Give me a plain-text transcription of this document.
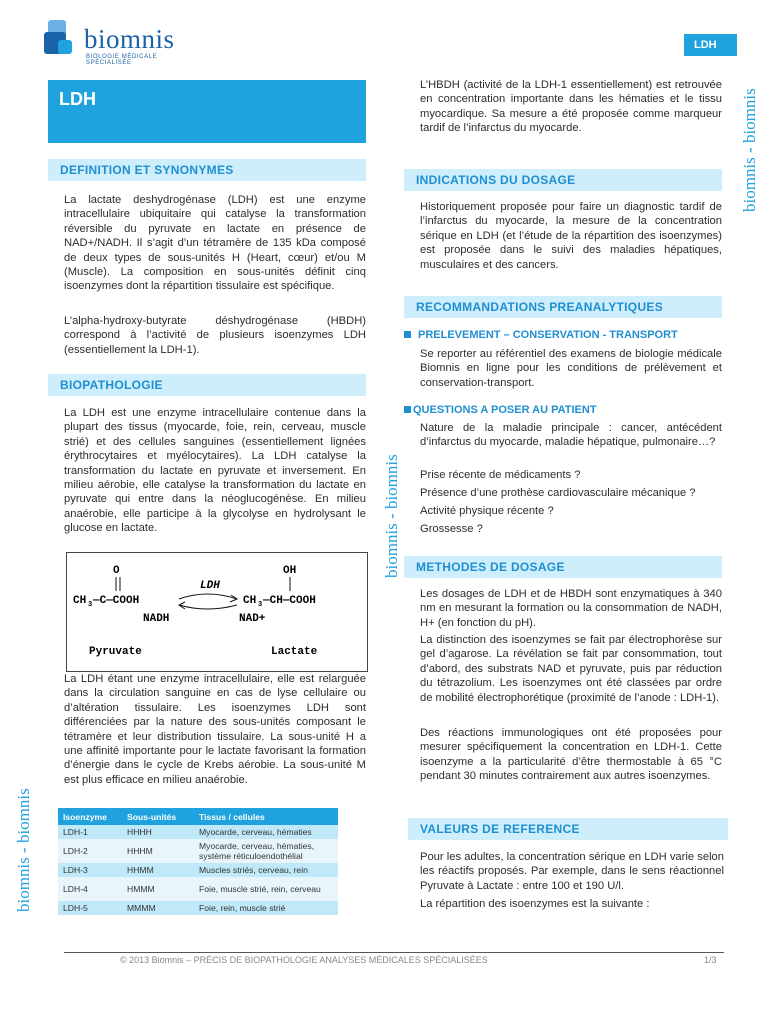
biomnis
BIOLOGIE MÉDICALE SPÉCIALISÉE
LDH
biomnis - biomnis
biomnis - biomnis
biomnis - biomnis
LDH
DEFINITION ET SYNONYMES
La lactate deshydrogénase (LDH) est une enzyme intracellulaire ubiquitaire qui catalyse la transformation réversible du pyruvate en lactate en présence de NAD+/NADH. Il s’agit d’un tétramère de 135 kDa composé de deux types de sous-unités H (Heart, cœur) et/ou M (Muscle). La composition en sous-unités définit cinq isoenzymes dont la répartition tissulaire est spécifique.
L’alpha-hydroxy-butyrate déshydrogénase (HBDH) correspond à l’activité de plusieurs isoenzymes LDH (essentiellement la LDH-1).
BIOPATHOLOGIE
La LDH est une enzyme intracellulaire contenue dans la plupart des tissus (myocarde, foie, rein, cerveau, muscle strié) et des cellules sanguines (essentiellement lignées érythrocytaires et myélocytaires). La LDH catalyse la transformation du lactate en pyruvate et inversement. En milieu aérobie, elle catalyse la transformation du lactate en pyruvate qui entre dans la néoglucogénèse. En milieu anaérobie, elle participe à la glycolyse en hydrolysant le glucose en lactate.
O
CH 3 —C—COOH
LDH
NADH	NAD+
OH
CH 3 —CH—COOH
Pyruvate	Lactate
La LDH étant une enzyme intracellulaire, elle est relarguée dans la circulation sanguine en cas de lyse cellulaire ou d’altération tissulaire. Les isoenzymes LDH sont différenciées par la nature des sous-unités composant le tétramère et leur distribution tissulaire. La sous-unité H a une affinité importante pour le lactate favorisant la formation d’énergie dans le cycle de Krebs aérobie. La sous-unité M est plus efficace en milieu anaérobie.
Isoenzyme	Sous-unités	Tissus / cellules
LDH-1	HHHH	Myocarde, cerveau, hématies
LDH-2	HHHM	Myocarde, cerveau, hématies, système réticuloendothélial
LDH-3	HHMM	Muscles striés, cerveau, rein
LDH-4	HMMM	Foie, muscle strié, rein, cerveau
LDH-5	MMMM	Foie, rein, muscle strié
L’HBDH (activité de la LDH-1 essentiellement) est retrouvée en concentration importante dans les hématies et le tissu myocardique. Sa mesure a été proposée comme marqueur tardif de l’infarctus du myocarde.
INDICATIONS DU DOSAGE
Historiquement proposée pour faire un diagnostic tardif de l’infarctus du myocarde, la mesure de la concentration sérique en LDH (et l’étude de la répartition des isoenzymes) est proposée dans le suivi des maladies hépatiques, musculaires et des cancers.
RECOMMANDATIONS PREANALYTIQUES
PRELEVEMENT – CONSERVATION - TRANSPORT
Se reporter au référentiel des examens de biologie médicale Biomnis en ligne pour les conditions de prélèvement et conservation-transport.
QUESTIONS A POSER AU PATIENT
Nature de la maladie principale : cancer, antécédent d’infarctus du myocarde, maladie hépatique, pulmonaire…?
Prise récente de médicaments ?
Présence d’une prothèse cardiovasculaire mécanique ?
Activité physique récente ?
Grossesse ?
METHODES DE DOSAGE
Les dosages de LDH et de HBDH sont enzymatiques à 340 nm en mesurant la formation ou la consommation de NADH, H+ (en fonction du pH).
La distinction des isoenzymes se fait par électrophorèse sur gel d’agarose. La révélation se fait par consommation, tout d’abord, des substrats NAD et pyruvate, puis par réduction du tétrazolium. Les isoenzymes ont été classées par ordre de mobilité électrophorétique (proximité de l’anode : LDH-1).
Des réactions immunologiques ont été proposées pour mesurer spécifiquement la concentration en LDH-1. Cette isoenzyme a la particularité d’être thermostable à 65 °C pendant 30 minutes contrairement aux autres isoenzymes.
VALEURS DE REFERENCE
Pour les adultes, la concentration sérique en LDH varie selon les réactifs proposés. Par exemple, dans le sens réactionnel Pyruvate à Lactate : entre 100 et 190 U/l.
La répartition des isoenzymes est la suivante :
© 2013 Biomnis – PRÉCIS DE BIOPATHOLOGIE ANALYSES MÉDICALES SPÉCIALISÉES	1/3
